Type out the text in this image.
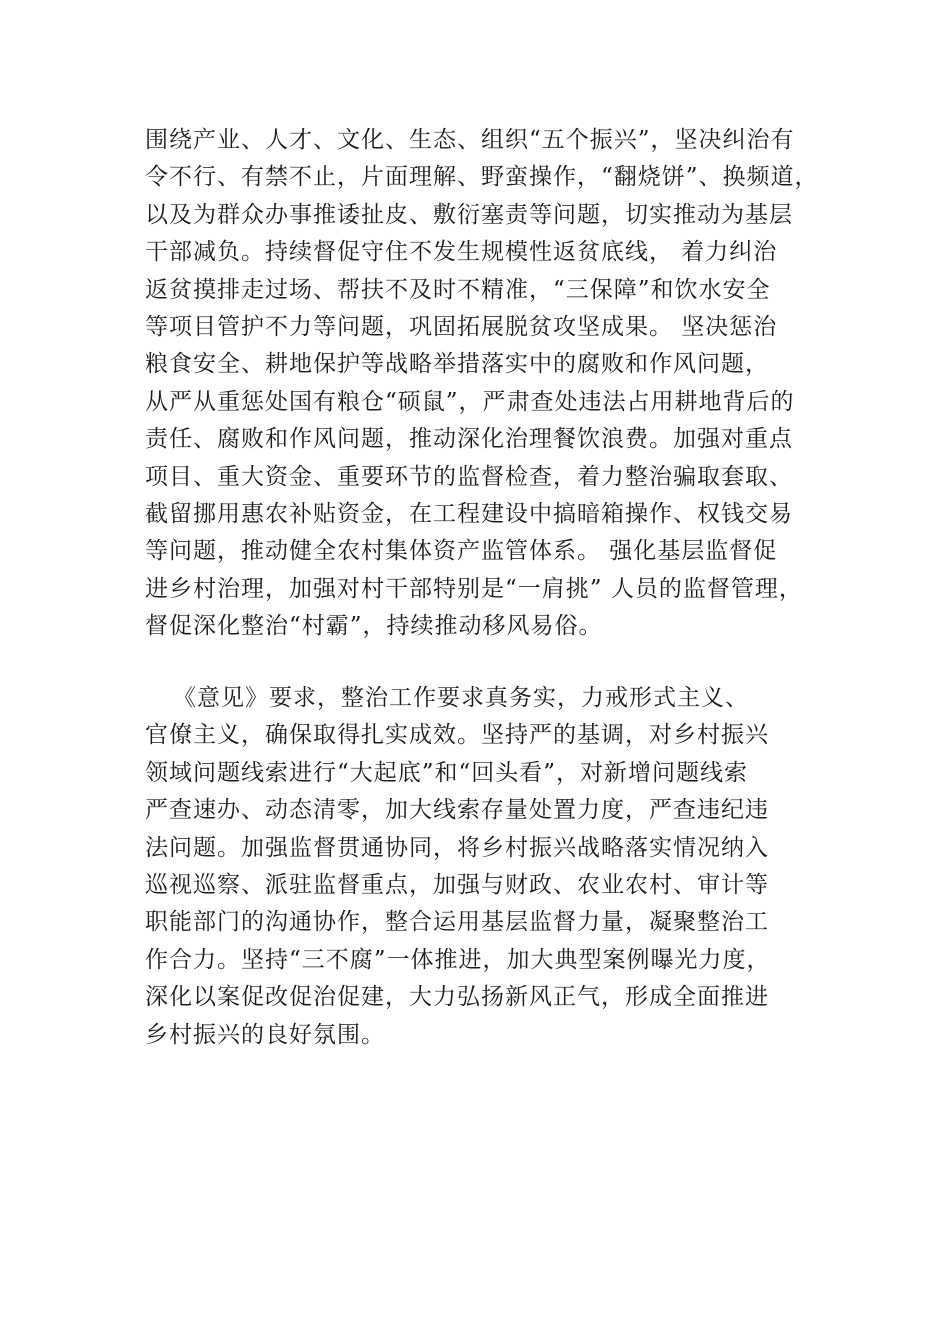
围绕产业、人才、文化、生态、组织“五个振兴”，坚决纠治有
令不行、有禁不止，片面理解、野蛮操作，“翻烧饼”、换频道，
以及为群众办事推诿扯皮、敷衍塞责等问题，切实推动为基层
干部减负。持续督促守住不发生规模性返贫底线， 着力纠治
返贫摸排走过场、帮扶不及时不精准，“三保障”和饮水安全
等项目管护不力等问题，巩固拓展脱贫攻坚成果。 坚决惩治
粮食安全、耕地保护等战略举措落实中的腐败和作风问题，
从严从重惩处国有粮仓“硕鼠”，严肃查处违法占用耕地背后的
责任、腐败和作风问题，推动深化治理餐饮浪费。加强对重点
项目、重大资金、重要环节的监督检查，着力整治骗取套取、
截留挪用惠农补贴资金，在工程建设中搞暗箱操作、权钱交易
等问题，推动健全农村集体资产监管体系。 强化基层监督促
进乡村治理，加强对村干部特别是“一肩挑” 人员的监督管理，
督促深化整治“村霸”，持续推动移风易俗。
《意见》要求，整治工作要求真务实，力戒形式主义、
官僚主义，确保取得扎实成效。坚持严的基调，对乡村振兴
领域问题线索进行“大起底”和“回头看”，对新增问题线索
严查速办、动态清零，加大线索存量处置力度，严查违纪违
法问题。加强监督贯通协同，将乡村振兴战略落实情况纳入
巡视巡察、派驻监督重点，加强与财政、农业农村、审计等
职能部门的沟通协作，整合运用基层监督力量，凝聚整治工
作合力。坚持“三不腐”一体推进，加大典型案例曝光力度，
深化以案促改促治促建，大力弘扬新风正气，形成全面推进
乡村振兴的良好氛围。
